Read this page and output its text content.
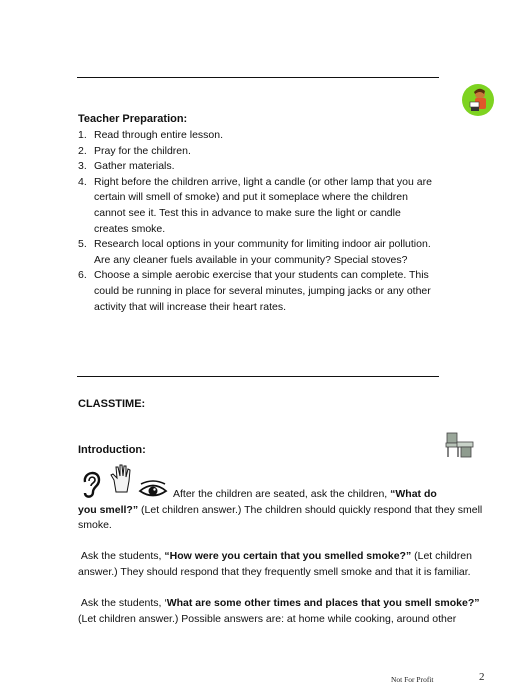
Teacher Preparation:
1. Read through entire lesson.
2. Pray for the children.
3. Gather materials.
4. Right before the children arrive, light a candle (or other lamp that you are certain will smell of smoke) and put it someplace where the children cannot see it. Test this in advance to make sure the light or candle creates smoke.
5. Research local options in your community for limiting indoor air pollution. Are any cleaner fuels available in your community? Special stoves?
6. Choose a simple aerobic exercise that your students can complete. This could be running in place for several minutes, jumping jacks or any other activity that will increase their heart rates.
CLASSTIME:
Introduction:

After the children are seated, ask the children, “What do
you smell?” (Let children answer.) The children should quickly respond that they smell smoke.

Ask the students, “How were you certain that you smelled smoke?” (Let children answer.) They should respond that they frequently smell smoke and that it is familiar.

Ask the students, ‘What are some other times and places that you smell smoke?” (Let children answer.) Possible answers are: at home while cooking, around other

Not For Profit	2
